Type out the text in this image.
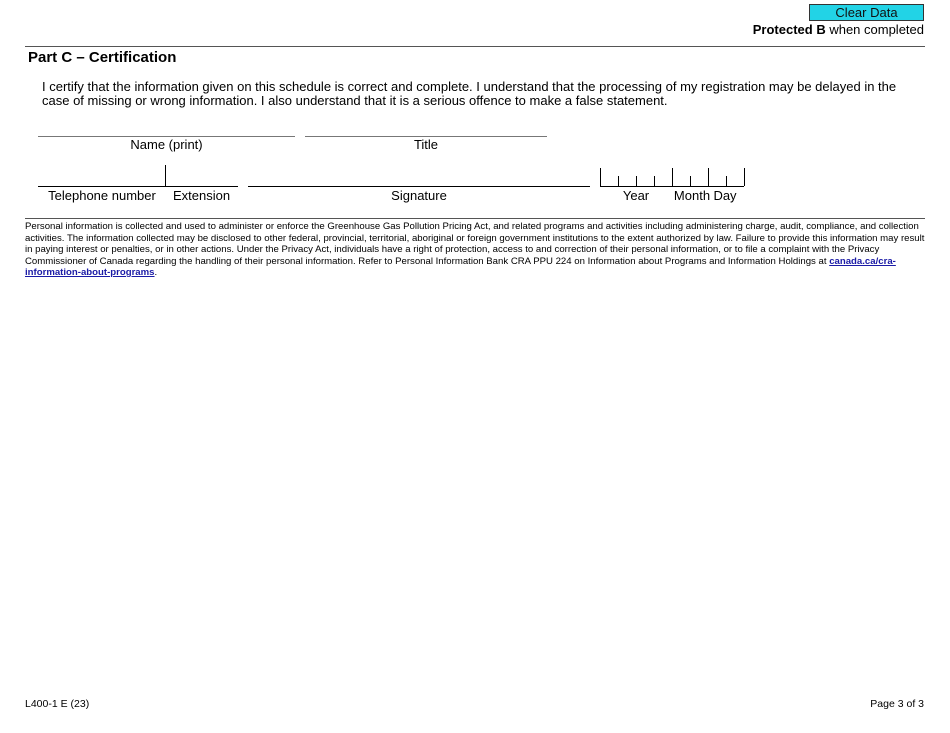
Clear Data
Protected B when completed
Part C – Certification
I certify that the information given on this schedule is correct and complete. I understand that the processing of my registration may be delayed in the case of missing or wrong information. I also understand that it is a serious offence to make a false statement.
Name (print)	Title
Telephone number	Extension	Signature	Year	Month Day
Personal information is collected and used to administer or enforce the Greenhouse Gas Pollution Pricing Act, and related programs and activities including administering charge, audit, compliance, and collection activities. The information collected may be disclosed to other federal, provincial, territorial, aboriginal or foreign government institutions to the extent authorized by law. Failure to provide this information may result in paying interest or penalties, or in other actions. Under the Privacy Act, individuals have a right of protection, access to and correction of their personal information, or to file a complaint with the Privacy Commissioner of Canada regarding the handling of their personal information. Refer to Personal Information Bank CRA PPU 224 on Information about Programs and Information Holdings at canada.ca/cra-information-about-programs.
L400-1 E (23)	Page 3 of 3
